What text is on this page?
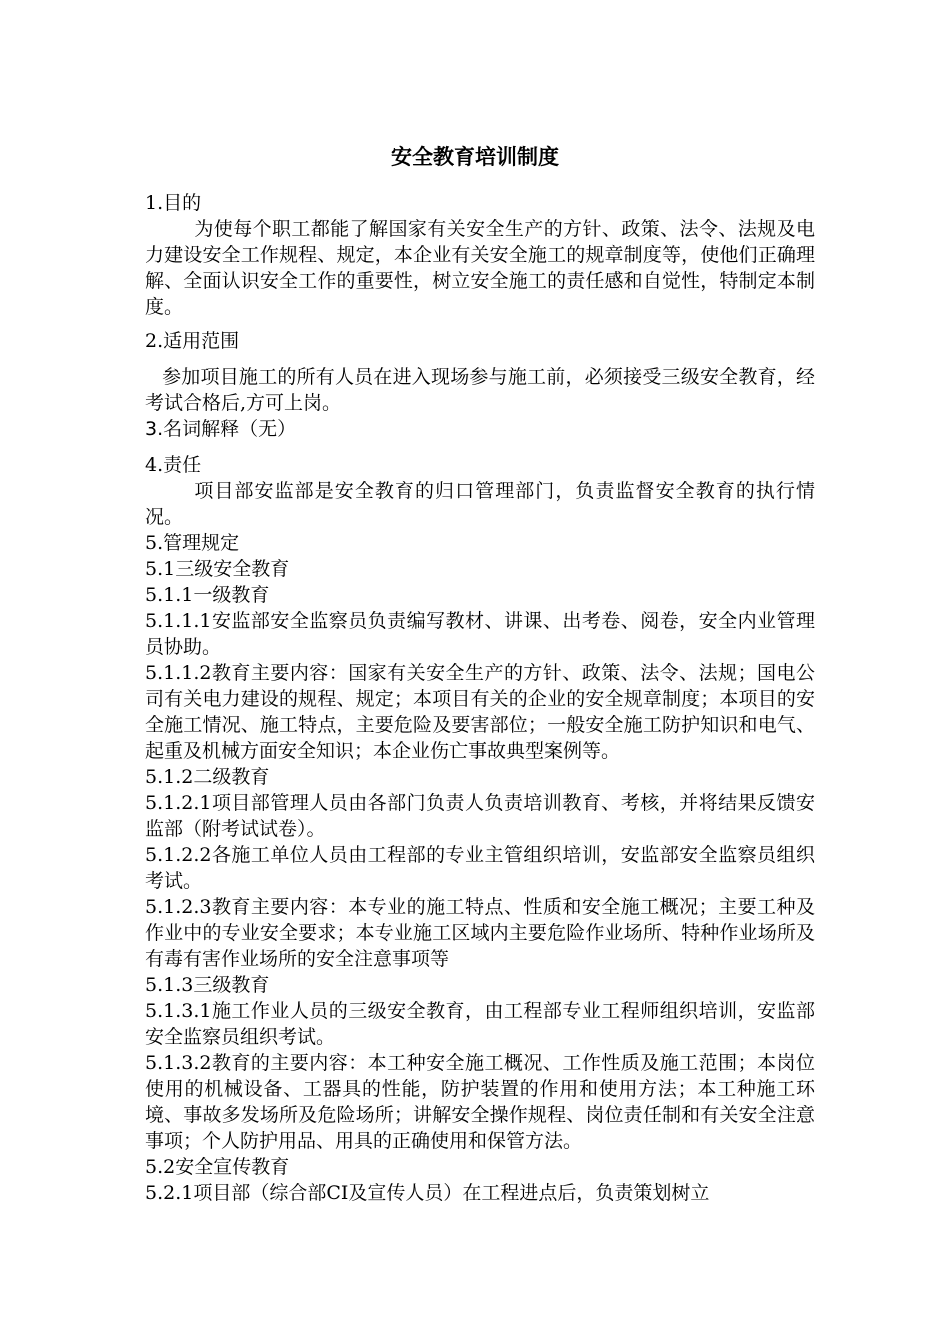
安全教育培训制度

1.目的

为使每个职工都能了解国家有关安全生产的方针、政策、法令、法规及电力建设安全工作规程、规定，本企业有关安全施工的规章制度等，使他们正确理解、全面认识安全工作的重要性，树立安全施工的责任感和自觉性，特制定本制度。

2.适用范围

参加项目施工的所有人员在进入现场参与施工前，必须接受三级安全教育，经考试合格后,方可上岗。

3.名词解释（无）

4.责任

项目部安监部是安全教育的归口管理部门，负责监督安全教育的执行情况。

5.管理规定

5.1三级安全教育

5.1.1一级教育

5.1.1.1安监部安全监察员负责编写教材、讲课、出考卷、阅卷，安全内业管理员协助。

5.1.1.2教育主要内容：国家有关安全生产的方针、政策、法令、法规；国电公司有关电力建设的规程、规定；本项目有关的企业的安全规章制度；本项目的安全施工情况、施工特点，主要危险及要害部位；一般安全施工防护知识和电气、起重及机械方面安全知识；本企业伤亡事故典型案例等。

5.1.2二级教育

5.1.2.1项目部管理人员由各部门负责人负责培训教育、考核，并将结果反馈安监部（附考试试卷）。

5.1.2.2各施工单位人员由工程部的专业主管组织培训，安监部安全监察员组织考试。

5.1.2.3教育主要内容：本专业的施工特点、性质和安全施工概况；主要工种及作业中的专业安全要求；本专业施工区域内主要危险作业场所、特种作业场所及有毒有害作业场所的安全注意事项等

5.1.3三级教育

5.1.3.1施工作业人员的三级安全教育，由工程部专业工程师组织培训，安监部安全监察员组织考试。

5.1.3.2教育的主要内容：本工种安全施工概况、工作性质及施工范围；本岗位使用的机械设备、工器具的性能，防护装置的作用和使用方法；本工种施工环境、事故多发场所及危险场所；讲解安全操作规程、岗位责任制和有关安全注意事项；个人防护用品、用具的正确使用和保管方法。

5.2安全宣传教育

5.2.1项目部（综合部CI及宣传人员）在工程进点后，负责策划树立
